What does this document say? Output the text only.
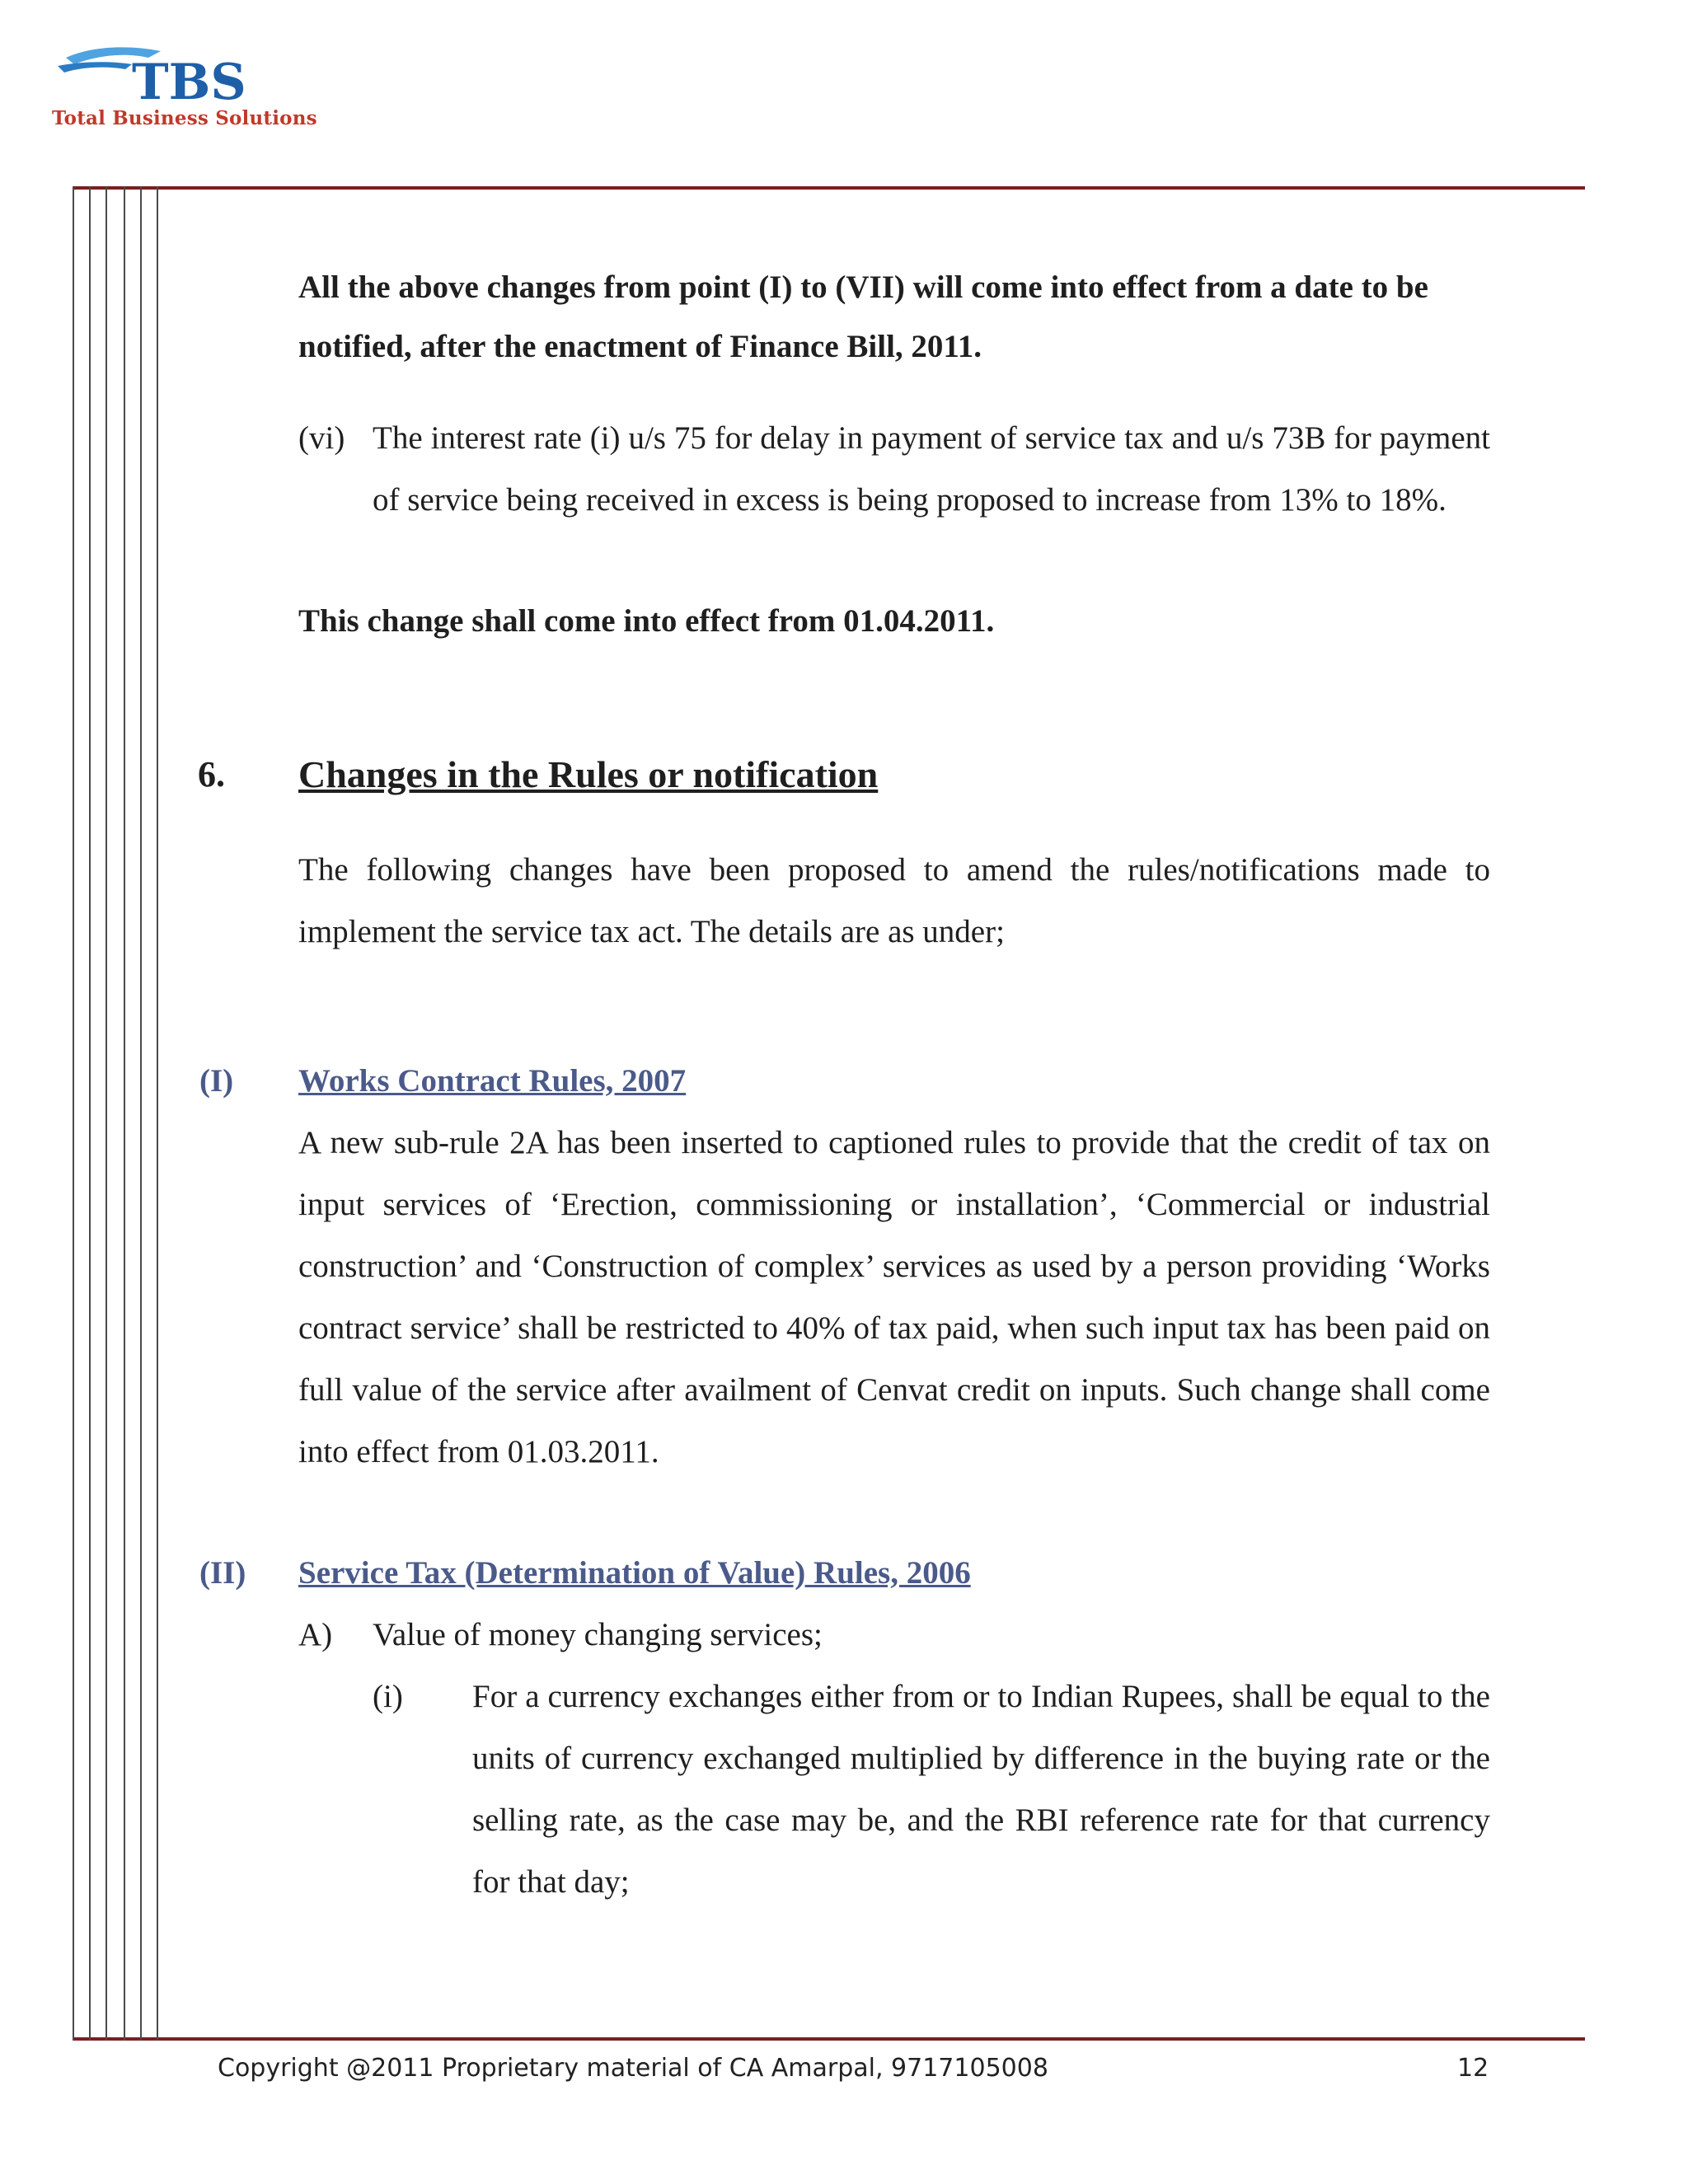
TBS
Total Business Solutions
All the above changes from point (I) to (VII) will come into effect from a date to be notified, after the enactment of Finance Bill, 2011.
(vi) The interest rate (i) u/s 75 for delay in payment of service tax and u/s 73B for payment of service being received in excess is being proposed to increase from 13% to 18%.
This change shall come into effect from 01.04.2011.
6. Changes in the Rules or notification
The following changes have been proposed to amend the rules/notifications made to implement the service tax act. The details are as under;
(I) Works Contract Rules, 2007
A new sub-rule 2A has been inserted to captioned rules to provide that the credit of tax on input services of ‘Erection, commissioning or installation’, ‘Commercial or industrial construction’ and ‘Construction of complex’ services as used by a person providing ‘Works contract service’ shall be restricted to 40% of tax paid, when such input tax has been paid on full value of the service after availment of Cenvat credit on inputs. Such change shall come into effect from 01.03.2011.
(II) Service Tax (Determination of Value) Rules, 2006
A) Value of money changing services;
(i) For a currency exchanges either from or to Indian Rupees, shall be equal to the units of currency exchanged multiplied by difference in the buying rate or the selling rate, as the case may be, and the RBI reference rate for that currency for that day;
Copyright @2011 Proprietary material of CA Amarpal, 9717105008	12
